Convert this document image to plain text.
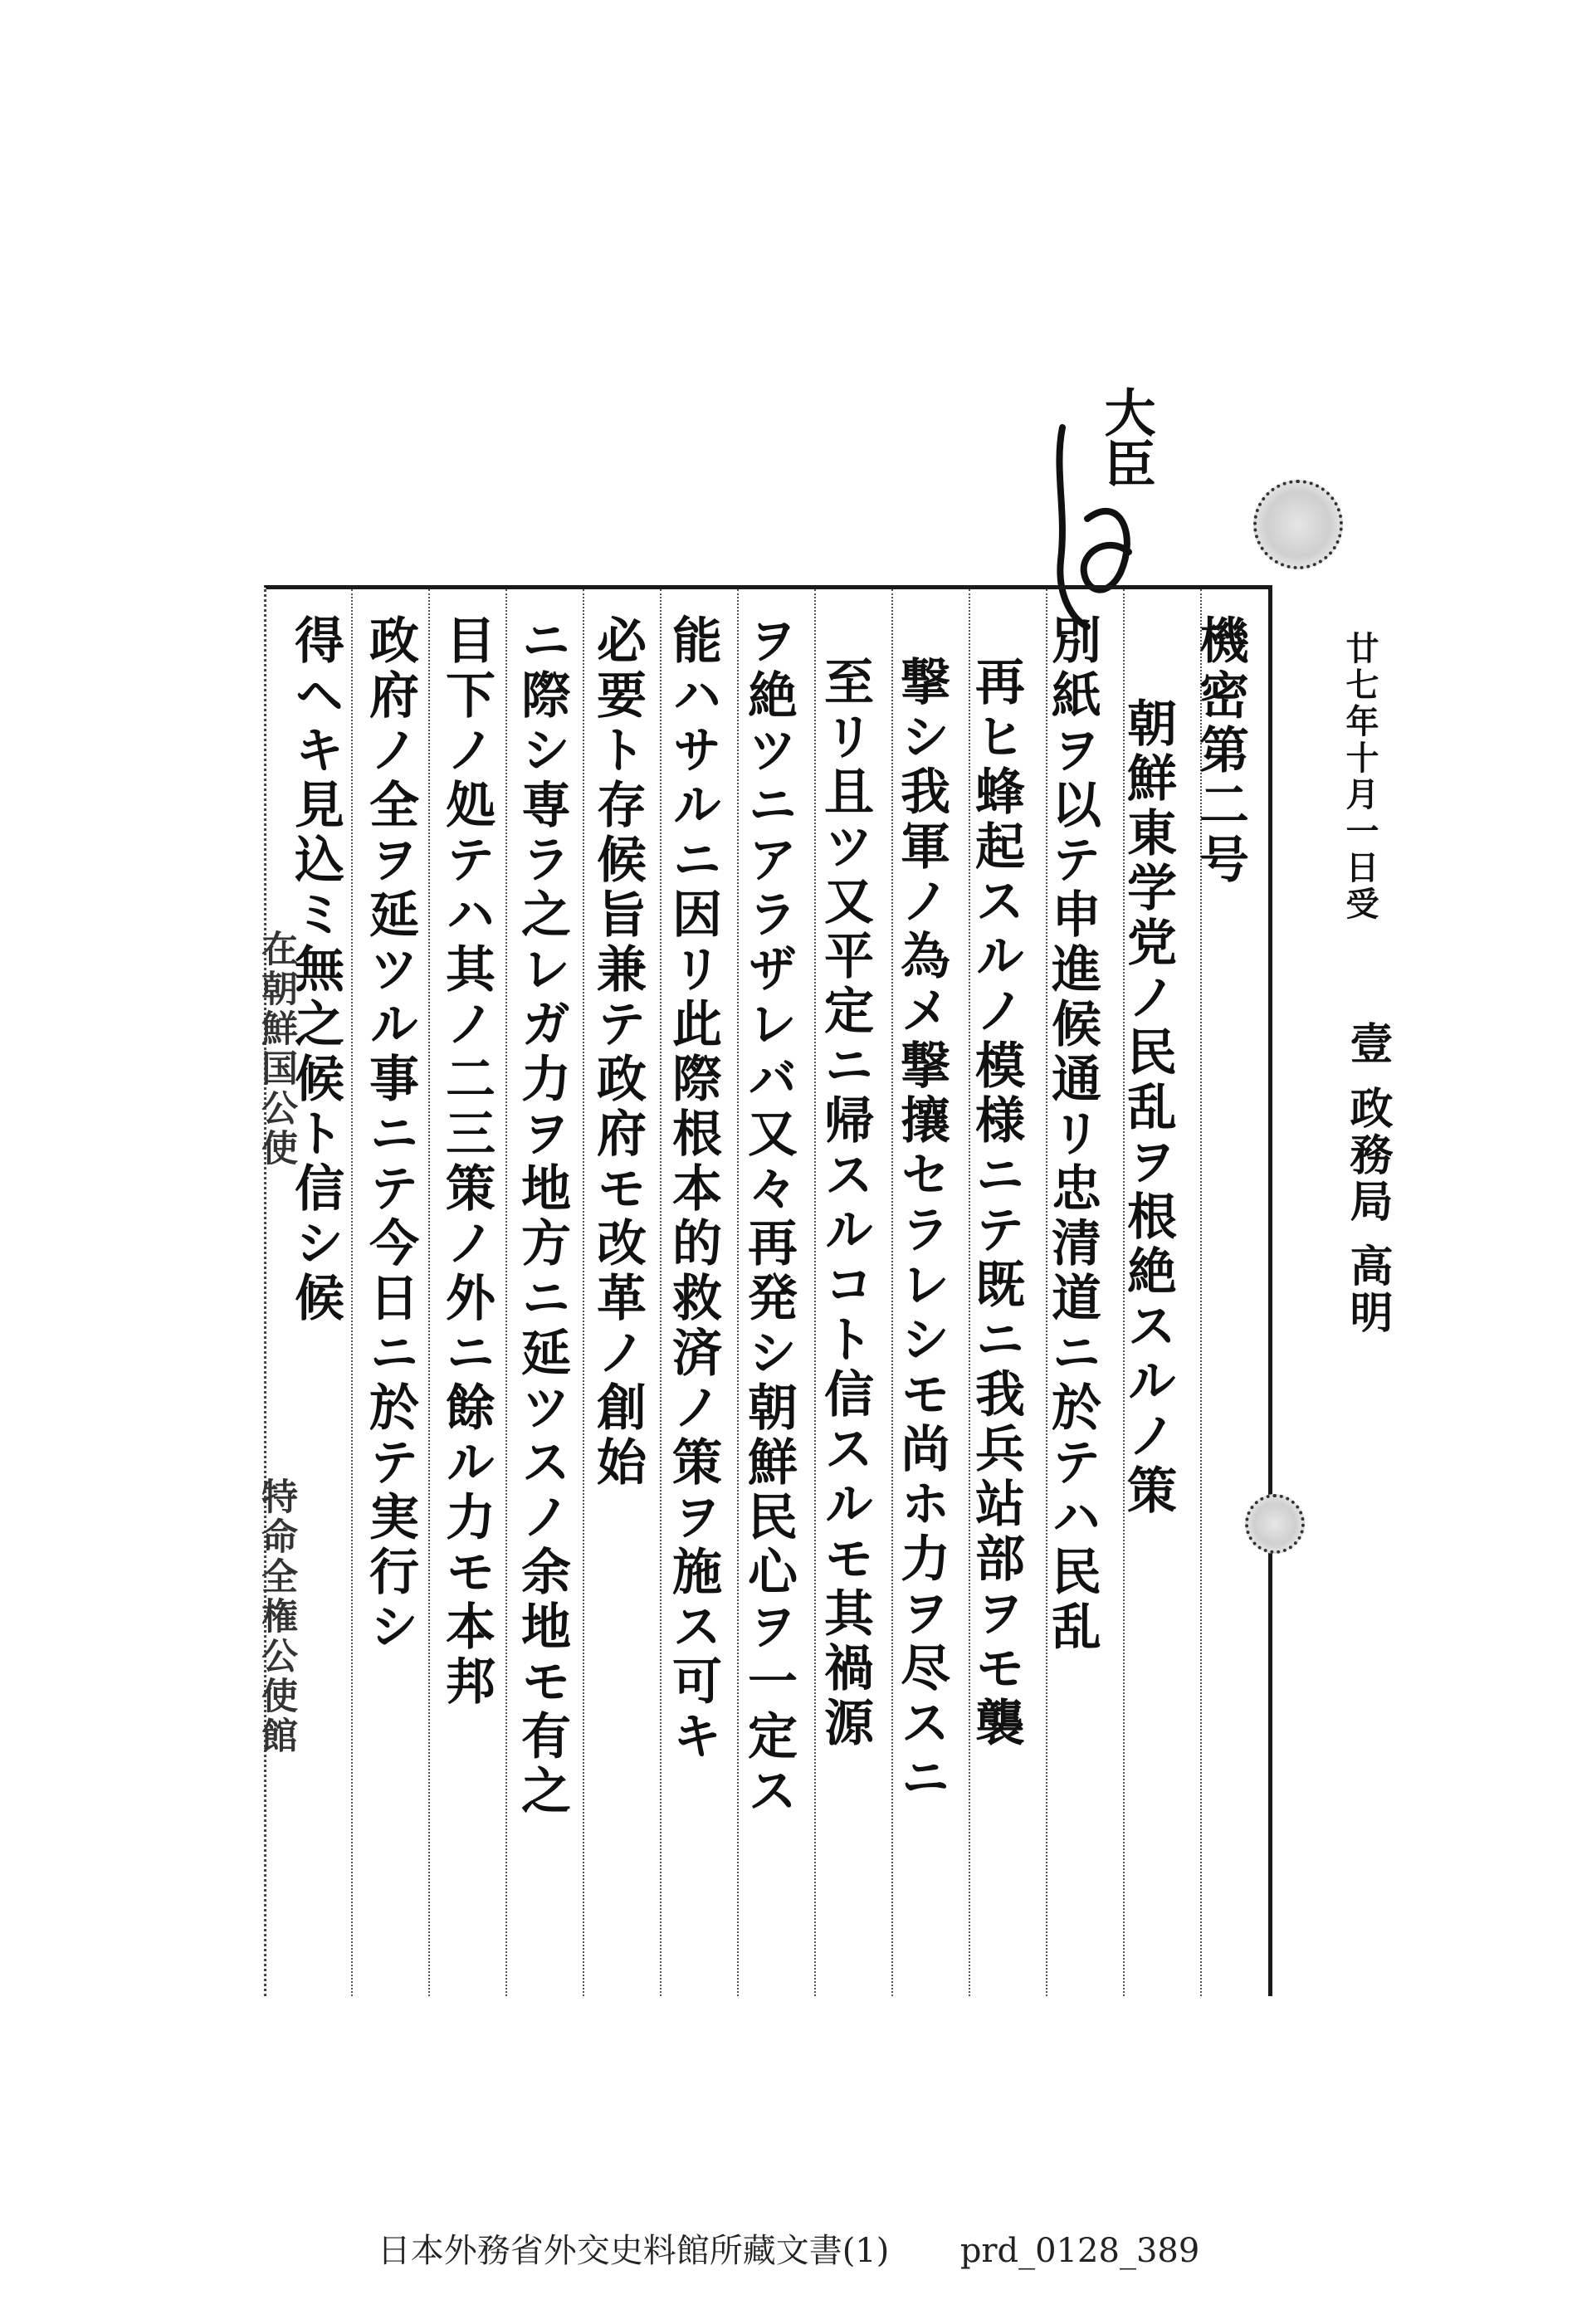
大臣
廿七年十月一日受
壹 政務局 高明
機密第二号
朝鮮東学党ノ民乱ヲ根絶スルノ策
別紙ヲ以テ申進候通リ忠清道ニ於テハ民乱
再ヒ蜂起スルノ模様ニテ既ニ我兵站部ヲモ襲
撃シ我軍ノ為メ撃攘セラレシモ尚ホ力ヲ尽スニ
至リ且ツ又平定ニ帰スルコト信スルモ其禍源
ヲ絶ツニアラザレバ又々再発シ朝鮮民心ヲ一定ス
能ハサルニ因リ此際根本的救済ノ策ヲ施ス可キ
必要ト存候旨兼テ政府モ改革ノ創始
ニ際シ専ラ之レガ力ヲ地方ニ延ツスノ余地モ有之
目下ノ処テハ其ノ二三策ノ外ニ餘ル力モ本邦
政府ノ全ヲ延ツル事ニテ今日ニ於テ実行シ
得ヘキ見込ミ無之候ト信シ候
在朝鮮国公使
特命全権公使館
日本外務省外交史料館所藏文書(1) prd_0128_389
